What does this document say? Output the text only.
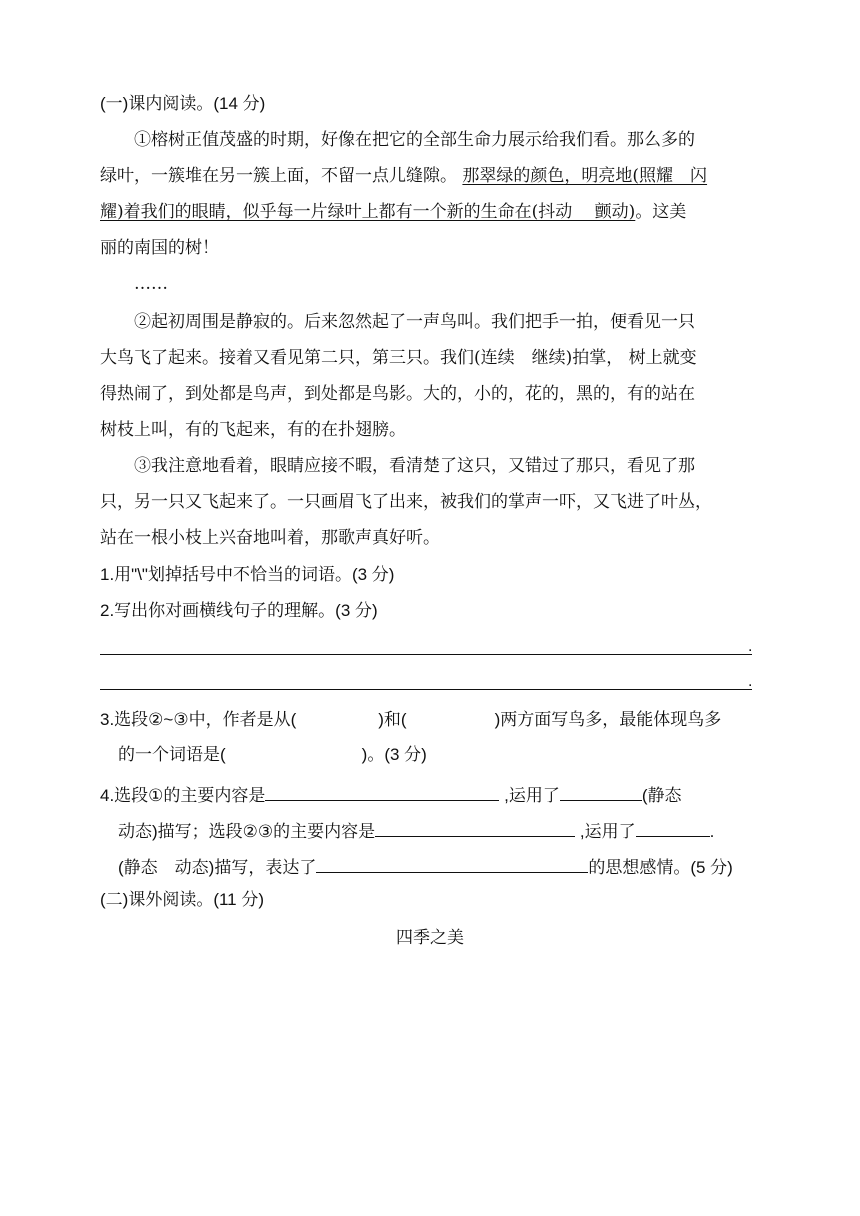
(一)课内阅读。(14 分)
①榕树正值茂盛的时期，好像在把它的全部生命力展示给我们看。那么多的
绿叶，一簇堆在另一簇上面，不留一点儿缝隙。 那翠绿的颜色，明亮地(照耀　闪
耀)着我们的眼睛，似乎每一片绿叶上都有一个新的生命在(抖动　 颤动)。这美
丽的南国的树！
……
②起初周围是静寂的。后来忽然起了一声鸟叫。我们把手一拍，便看见一只
大鸟飞了起来。接着又看见第二只，第三只。我们(连续　继续)拍掌， 树上就变
得热闹了，到处都是鸟声，到处都是鸟影。大的，小的，花的，黑的，有的站在
树枝上叫，有的飞起来，有的在扑翅膀。
③我注意地看着，眼睛应接不暇，看清楚了这只，又错过了那只，看见了那
只，另一只又飞起来了。一只画眉飞了出来，被我们的掌声一吓，又飞进了叶丛，
站在一根小枝上兴奋地叫着，那歌声真好听。
1.用"\"划掉括号中不恰当的词语。(3 分)
2.写出你对画横线句子的理解。(3 分)
.
.
3.选段②~③中，作者是从(	)和(	)两方面写鸟多，最能体现鸟多
的一个词语是(	)。(3 分)
4.选段①的主要内容是	,运用了	(静态
动态)描写；选段②③的主要内容是	,运用了	.
(静态　动态)描写，表达了	的思想感情。(5 分)
(二)课外阅读。(11 分)
四季之美
